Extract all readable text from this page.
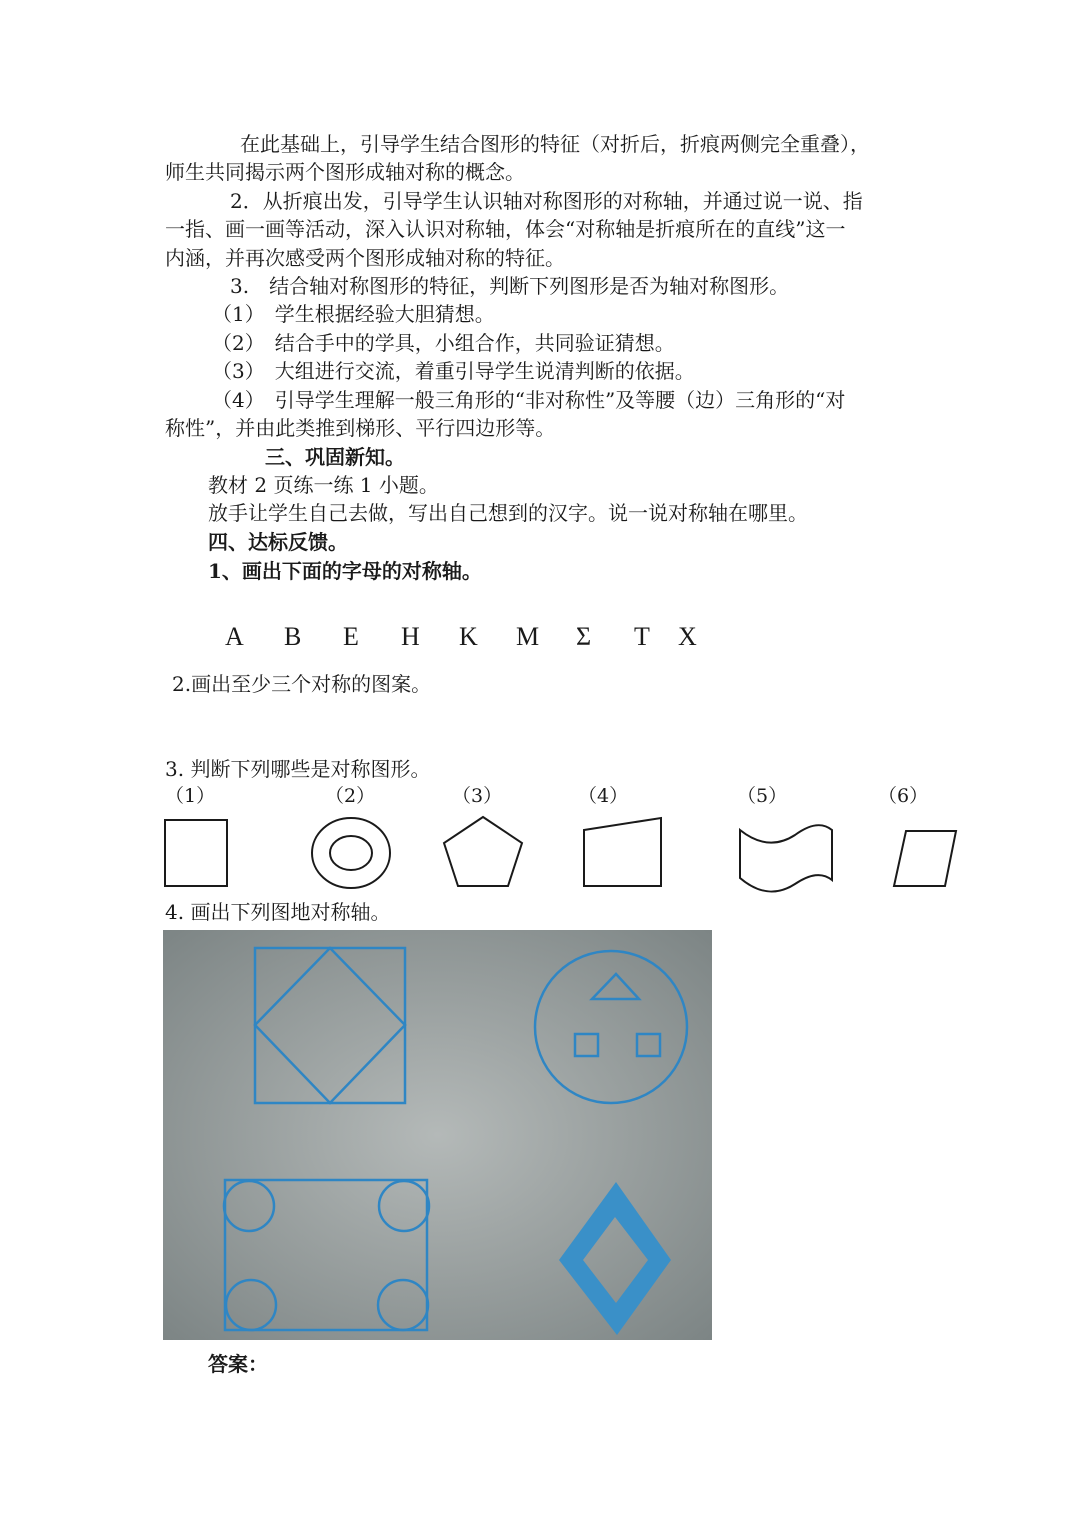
在此基础上，引导学生结合图形的特征（对折后，折痕两侧完全重叠），
师生共同揭示两个图形成轴对称的概念。
2．从折痕出发，引导学生认识轴对称图形的对称轴，并通过说一说、指
一指、画一画等活动，深入认识对称轴，体会“对称轴是折痕所在的直线”这一
内涵，并再次感受两个图形成轴对称的特征。
3.　结合轴对称图形的特征，判断下列图形是否为轴对称图形。
（1）　学生根据经验大胆猜想。
（2）　结合手中的学具，小组合作，共同验证猜想。
（3）　大组进行交流，着重引导学生说清判断的依据。
（4）　引导学生理解一般三角形的“非对称性”及等腰（边）三角形的“对
称性”，并由此类推到梯形、平行四边形等。
三、巩固新知。
教材 2 页练一练 1 小题。
放手让学生自己去做，写出自己想到的汉字。说一说对称轴在哪里。
四、达标反馈。
1、画出下面的字母的对称轴。
A B E H K M Σ T X
2.画出至少三个对称的图案。
3. 判断下列哪些是对称图形。
（1）	（2）	（3）	（4）	（5）	（6）
4. 画出下列图地对称轴。
答案：
